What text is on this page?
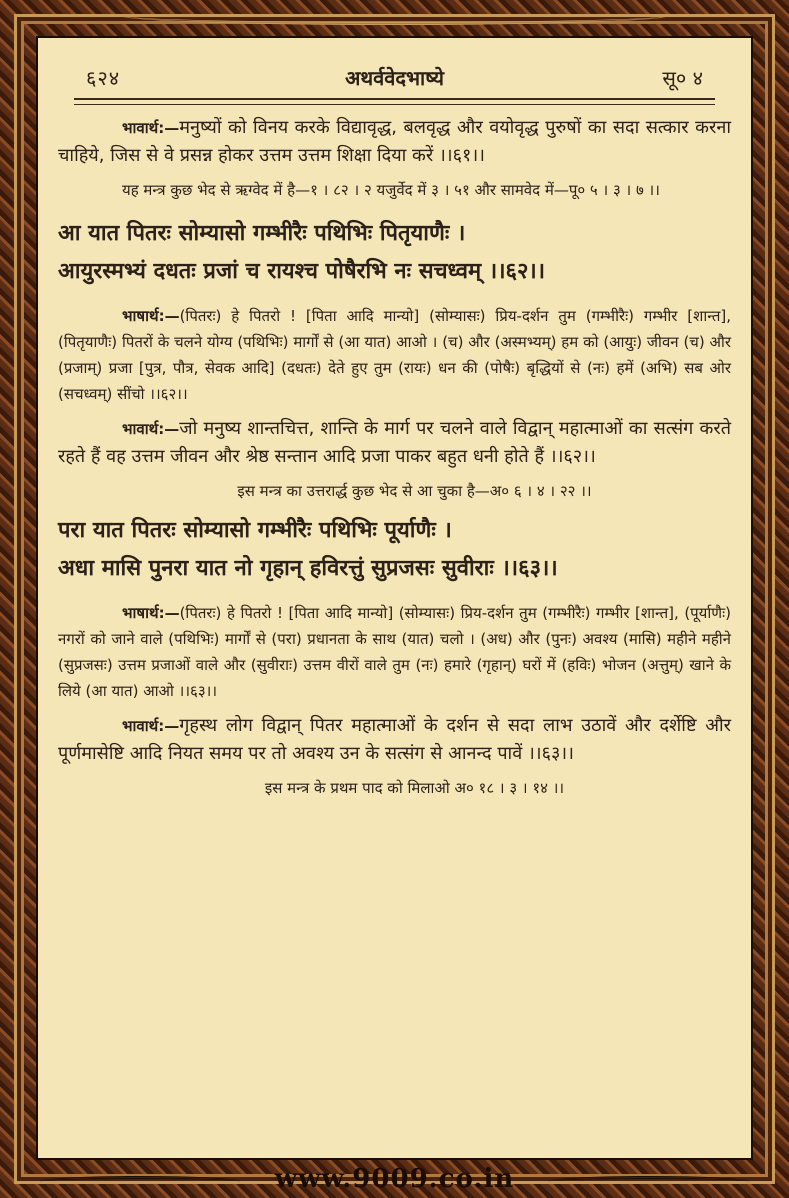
६२४	अथर्ववेदभाष्ये	सू० ४

भावार्थ:—मनुष्यों को विनय करके विद्यावृद्ध, बलवृद्ध और वयोवृद्ध पुरुषों का सदा सत्कार करना चाहिये, जिस से वे प्रसन्न होकर उत्तम उत्तम शिक्षा दिया करें ।।६१।।

यह मन्त्र कुछ भेद से ऋग्वेद में है—१ । ८२ । २ यजुर्वेद में ३ । ५१ और सामवेद में—पू० ५ । ३ । ७ ।।

आ यात पितरः सोम्यासो गम्भीरैः पथिभिः पितृयाणैः ।

आयुरस्मभ्यं दधतः प्रजां च रायश्च पोषैरभि नः सचध्वम् ।।६२।।

भाषार्थ:—(पितरः) हे पितरो ! [पिता आदि मान्यो] (सोम्यासः) प्रिय-दर्शन तुम (गम्भीरैः) गम्भीर [शान्त], (पितृयाणैः) पितरों के चलने योग्य (पथिभिः) मार्गों से (आ यात) आओ । (च) और (अस्मभ्यम्) हम को (आयुः) जीवन (च) और (प्रजाम्) प्रजा [पुत्र, पौत्र, सेवक आदि] (दधतः) देते हुए तुम (रायः) धन की (पोषैः) बृद्धियों से (नः) हमें (अभि) सब ओर (सचध्वम्) सींचो ।।६२।।

भावार्थ:—जो मनुष्य शान्तचित्त, शान्ति के मार्ग पर चलने वाले विद्वान् महात्माओं का सत्संग करते रहते हैं वह उत्तम जीवन और श्रेष्ठ सन्तान आदि प्रजा पाकर बहुत धनी होते हैं ।।६२।।

इस मन्त्र का उत्तरार्द्ध कुछ भेद से आ चुका है—अ० ६ । ४ । २२ ।।

परा यात पितरः सोम्यासो गम्भीरैः पथिभिः पूर्याणैः ।

अधा मासि पुनरा यात नो गृहान् हविरत्तुं सुप्रजसः सुवीराः ।।६३।।

भाषार्थ:—(पितरः) हे पितरो ! [पिता आदि मान्यो] (सोम्यासः) प्रिय-दर्शन तुम (गम्भीरैः) गम्भीर [शान्त], (पूर्याणैः) नगरों को जाने वाले (पथिभिः) मार्गों से (परा) प्रधानता के साथ (यात) चलो । (अध) और (पुनः) अवश्य (मासि) महीने महीने (सुप्रजसः) उत्तम प्रजाओं वाले और (सुवीराः) उत्तम वीरों वाले तुम (नः) हमारे (गृहान्) घरों में (हविः) भोजन (अत्तुम्) खाने के लिये (आ यात) आओ ।।६३।।

भावार्थ:—गृहस्थ लोग विद्वान् पितर महात्माओं के दर्शन से सदा लाभ उठावें और दर्शेष्टि और पूर्णमासेष्टि आदि नियत समय पर तो अवश्य उन के सत्संग से आनन्द पावें ।।६३।।

इस मन्त्र के प्रथम पाद को मिलाओ अ० १८ । ३ । १४ ।।

www.9009.co.in
